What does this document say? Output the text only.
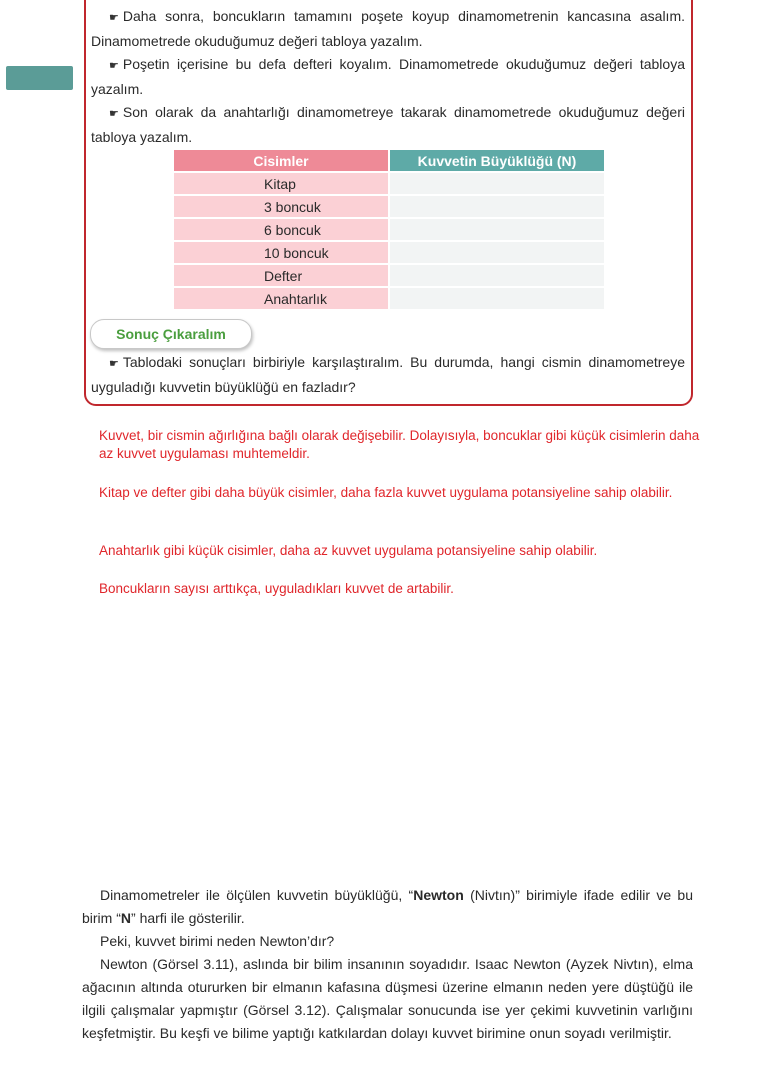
☛ Daha sonra, boncukların tamamını poşete koyup dinamometrenin kancasına asalım. Dinamometrede okuduğumuz değeri tabloya yazalım.

☛ Poşetin içerisine bu defa defteri koyalım. Dinamometrede okuduğumuz değeri tabloya yazalım.

☛ Son olarak da anahtarlığı dinamometreye takarak dinamometrede okuduğumuz değeri tabloya yazalım.

Cisimler	Kuvvetin Büyüklüğü (N)
Kitap	
3 boncuk	
6 boncuk	
10 boncuk	
Defter	
Anahtarlık	
Sonuç Çıkaralım

☛ Tablodaki sonuçları birbiriyle karşılaştıralım. Bu durumda, hangi cismin dinamometreye uyguladığı kuvvetin büyüklüğü en fazladır?

Kuvvet, bir cismin ağırlığına bağlı olarak değişebilir. Dolayısıyla, boncuklar gibi küçük cisimlerin daha az kuvvet uygulaması muhtemeldir.
Kitap ve defter gibi daha büyük cisimler, daha fazla kuvvet uygulama potansiyeline sahip olabilir.
Anahtarlık gibi küçük cisimler, daha az kuvvet uygulama potansiyeline sahip olabilir.
Boncukların sayısı arttıkça, uyguladıkları kuvvet de artabilir.

Dinamometreler ile ölçülen kuvvetin büyüklüğü, “Newton (Nivtın)” birimiyle ifade edilir ve bu birim “N” harfi ile gösterilir.

Peki, kuvvet birimi neden Newton’dır?

Newton (Görsel 3.11), aslında bir bilim insanının soyadıdır. Isaac Newton (Ayzek Nivtın), elma ağacının altında otururken bir elmanın kafasına düşmesi üzerine elmanın neden yere düştüğü ile ilgili çalışmalar yapmıştır (Görsel 3.12). Çalışmalar sonucunda ise yer çekimi kuvvetinin varlığını keşfetmiştir. Bu keşfi ve bilime yaptığı katkılardan dolayı kuvvet birimine onun soyadı verilmiştir.
